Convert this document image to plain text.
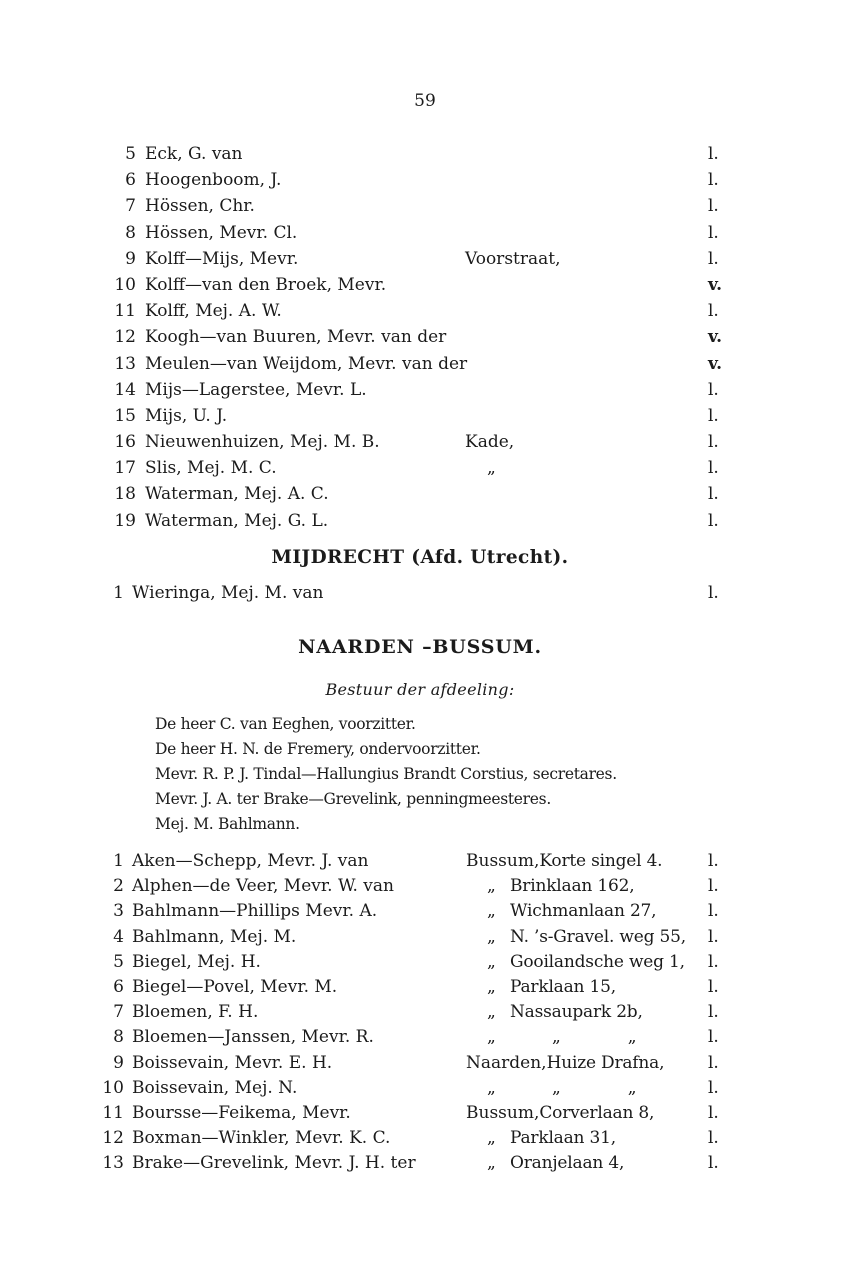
59
5 Eck, G. van	l.
6 Hoogenboom, J.	l.
7 Hössen, Chr.	l.
8 Hössen, Mevr. Cl.	l.
9 Kolff—Mijs, Mevr.	Voorstraat,	l.
10 Kolff—van den Broek, Mevr.	v.
11 Kolff, Mej. A. W.	l.
12 Koogh—van Buuren, Mevr. van der	v.
13 Meulen—van Weijdom, Mevr. van der	v.
14 Mijs—Lagerstee, Mevr. L.	l.
15 Mijs, U. J.	l.
16 Nieuwenhuizen, Mej. M. B.	Kade,	l.
17 Slis, Mej. M. C.	„	l.
18 Waterman, Mej. A. C.	l.
19 Waterman, Mej. G. L.	l.
MIJDRECHT (Afd. Utrecht).
1 Wieringa, Mej. M. van	l.
NAARDEN –BUSSUM.
Bestuur der afdeeling:
De heer C. van Eeghen, voorzitter.
De heer H. N. de Fremery, ondervoorzitter.
Mevr. R. P. J. Tindal—Hallungius Brandt Corstius, secretares.
Mevr. J. A. ter Brake—Grevelink, penningmeesteres.
Mej. M. Bahlmann.
1 Aken—Schepp, Mevr. J. van	Bussum,Korte singel 4.	l.
2 Alphen—de Veer, Mevr. W. van	„ Brinklaan 162,	l.
3 Bahlmann—Phillips Mevr. A.	„ Wichmanlaan 27,	l.
4 Bahlmann, Mej. M.	„ N. ’s-Gravel. weg 55, l.
5 Biegel, Mej. H.	„ Gooilandsche weg 1, l.
6 Biegel—Povel, Mevr. M.	„ Parklaan 15,	l.
7 Bloemen, F. H.	„ Nassaupark 2b,	l.
8 Bloemen—Janssen, Mevr. R.	„	„ „	l.
9 Boissevain, Mevr. E. H.	Naarden,Huize Drafna,	l.
10 Boissevain, Mej. N.	„	„ „	l.
11 Boursse—Feikema, Mevr.	Bussum,Corverlaan 8,	l.
12 Boxman—Winkler, Mevr. K. C.	„ Parklaan 31,	l.
13 Brake—Grevelink, Mevr. J. H. ter	„ Oranjelaan 4,	l.
